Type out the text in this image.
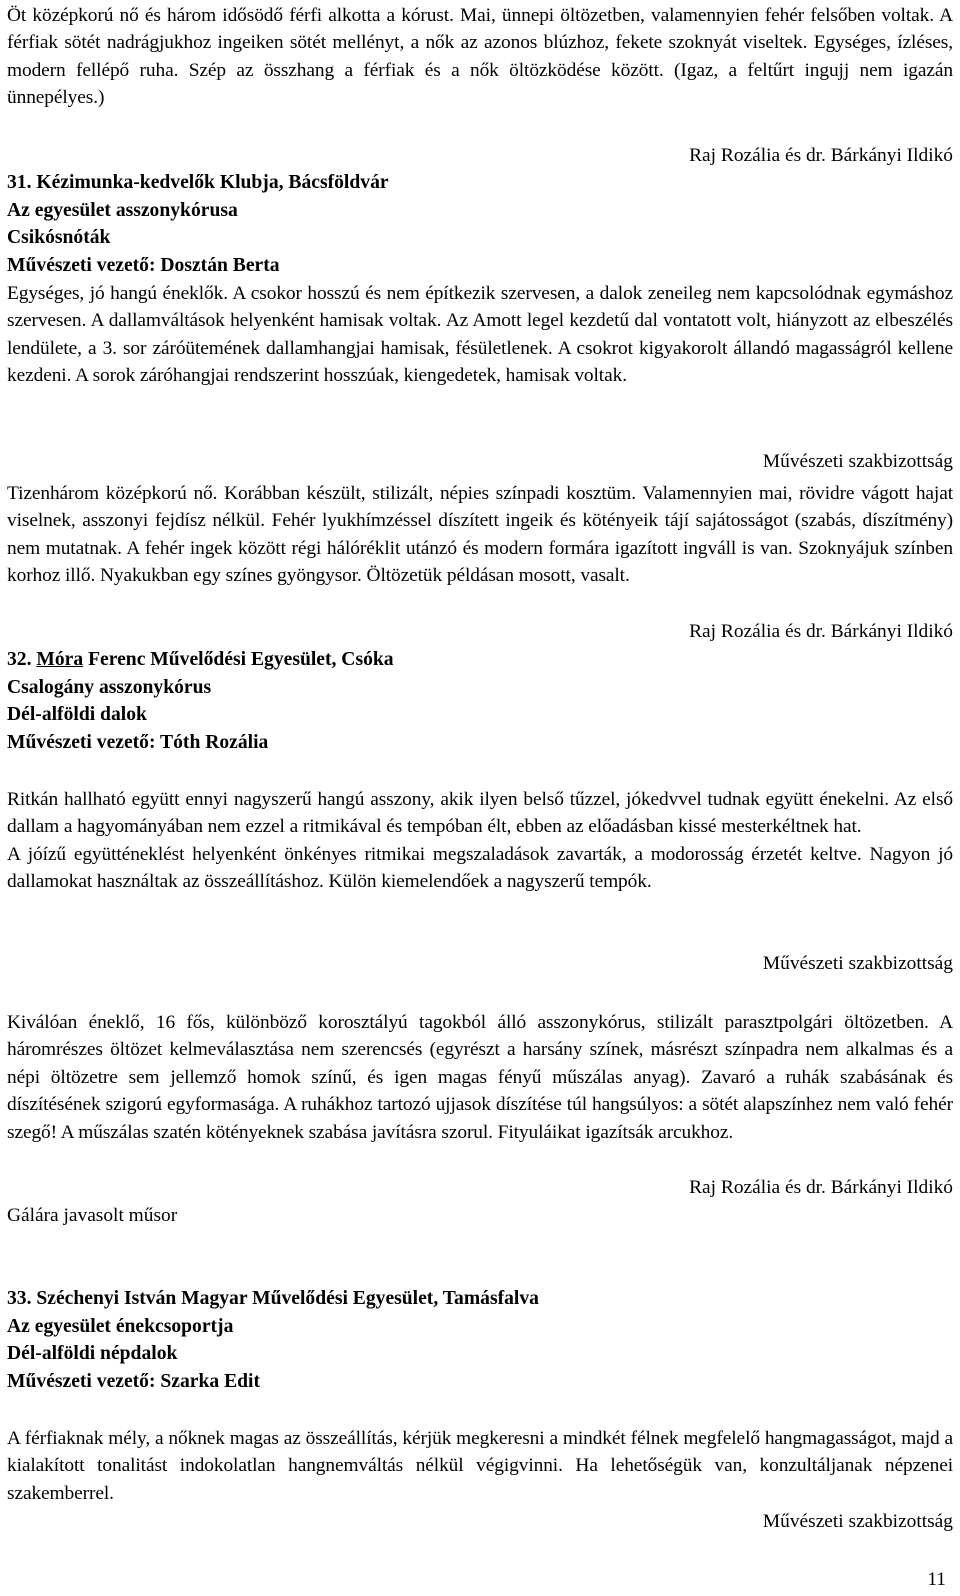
Öt középkorú nő és három idősödő férfi alkotta a kórust. Mai, ünnepi öltözetben, valamennyien fehér felsőben voltak. A férfiak sötét nadrágjukhoz ingeiken sötét mellényt, a nők az azonos blúzhoz, fekete szoknyát viseltek. Egységes, ízléses, modern fellépő ruha. Szép az összhang a férfiak és a nők öltözködése között. (Igaz, a feltűrt ingujj nem igazán ünnepélyes.)

Raj Rozália és dr. Bárkányi Ildikó

31. Kézimunka-kedvelők Klubja, Bácsföldvár

Az egyesület asszonykórusa

Csikósnóták

Művészeti vezető: Dosztán Berta

Egységes, jó hangú éneklők. A csokor hosszú és nem építkezik szervesen, a dalok zeneileg nem kapcsolódnak egymáshoz szervesen. A dallamváltások helyenként hamisak voltak. Az Amott legel kezdetű dal vontatott volt, hiányzott az elbeszélés lendülete, a 3. sor záróütemének dallamhangjai hamisak, fésületlenek. A csokrot kigyakorolt állandó magasságról kellene kezdeni. A sorok záróhangjai rendszerint hosszúak, kiengedetek, hamisak voltak.

Művészeti szakbizottság

Tizenhárom középkorú nő. Korábban készült, stilizált, népies színpadi kosztüm. Valamennyien mai, rövidre vágott hajat viselnek, asszonyi fejdísz nélkül. Fehér lyukhímzéssel díszített ingeik és kötényeik tájí sajátosságot (szabás, díszítmény) nem mutatnak. A fehér ingek között régi hálóréklit utánzó és modern formára igazított ingváll is van. Szoknyájuk színben korhoz illő. Nyakukban egy színes gyöngysor. Öltözetük példásan mosott, vasalt.

Raj Rozália és dr. Bárkányi Ildikó

32. Móra Ferenc Művelődési Egyesület, Csóka

Csalogány asszonykórus

Dél-alföldi dalok

Művészeti vezető: Tóth Rozália

Ritkán hallható együtt ennyi nagyszerű hangú asszony, akik ilyen belső tűzzel, jókedvvel tudnak együtt énekelni. Az első dallam a hagyományában nem ezzel a ritmikával és tempóban élt, ebben az előadásban kissé mesterkéltnek hat.

A jóízű együtténeklést helyenként önkényes ritmikai megszaladások zavarták, a modorosság érzetét keltve. Nagyon jó dallamokat használtak az összeállításhoz. Külön kiemelendőek a nagyszerű tempók.

Művészeti szakbizottság

Kiválóan éneklő, 16 fős, különböző korosztályú tagokból álló asszonykórus, stilizált parasztpolgári öltözetben. A háromrészes öltözet kelmeválasztása nem szerencsés (egyrészt a harsány színek, másrészt színpadra nem alkalmas és a népi öltözetre sem jellemző homok színű, és igen magas fényű műszálas anyag). Zavaró a ruhák szabásának és díszítésének szigorú egyformasága. A ruhákhoz tartozó ujjasok díszítése túl hangsúlyos: a sötét alapszínhez nem való fehér szegő! A műszálas szatén kötényeknek szabása javításra szorul. Fityuláikat igazítsák arcukhoz.

Raj Rozália és dr. Bárkányi Ildikó

Gálára javasolt műsor

33. Széchenyi István Magyar Művelődési Egyesület, Tamásfalva

Az egyesület énekcsoportja

Dél-alföldi népdalok

Művészeti vezető: Szarka Edit

A férfiaknak mély, a nőknek magas az összeállítás, kérjük megkeresni a mindkét félnek megfelelő hangmagasságot, majd a kialakított tonalitást indokolatlan hangnemváltás nélkül végigvinni. Ha lehetőségük van, konzultáljanak népzenei szakemberrel.

Művészeti szakbizottság

11
